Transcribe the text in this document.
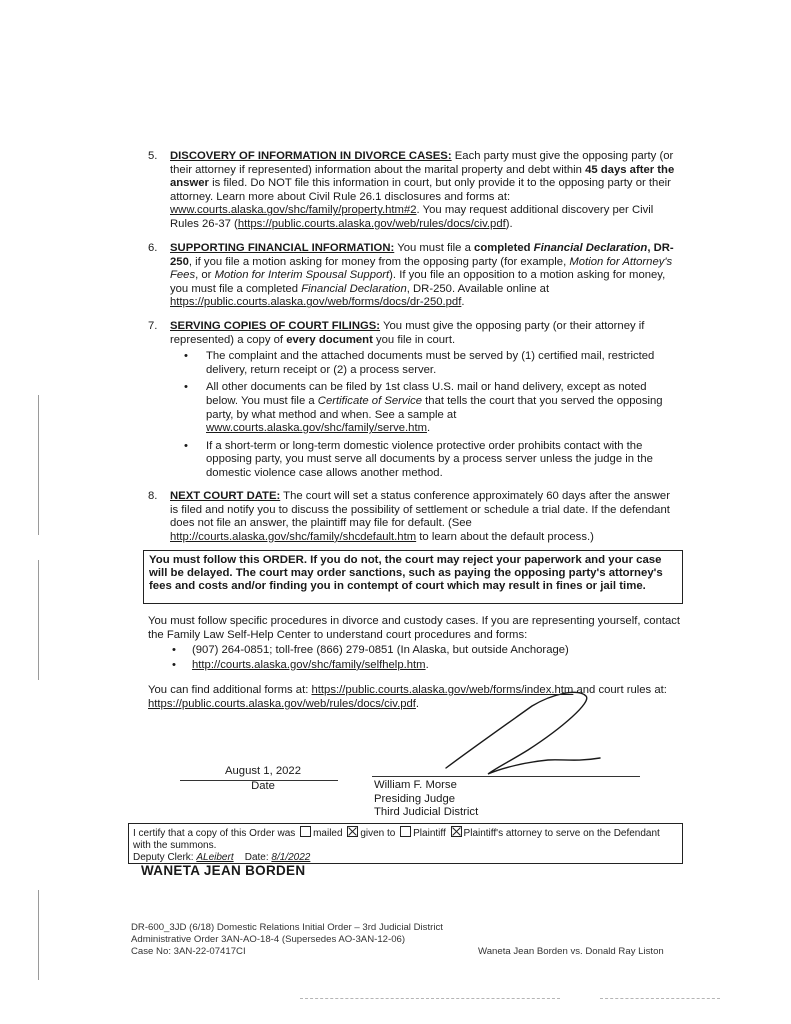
5. DISCOVERY OF INFORMATION IN DIVORCE CASES: Each party must give the opposing party (or their attorney if represented) information about the marital property and debt within 45 days after the answer is filed. Do NOT file this information in court, but only provide it to the opposing party or their attorney. Learn more about Civil Rule 26.1 disclosures and forms at: www.courts.alaska.gov/shc/family/property.htm#2. You may request additional discovery per Civil Rules 26-37 (https://public.courts.alaska.gov/web/rules/docs/civ.pdf).
6. SUPPORTING FINANCIAL INFORMATION: You must file a completed Financial Declaration, DR-250, if you file a motion asking for money from the opposing party (for example, Motion for Attorney's Fees, or Motion for Interim Spousal Support). If you file an opposition to a motion asking for money, you must file a completed Financial Declaration, DR-250. Available online at https://public.courts.alaska.gov/web/forms/docs/dr-250.pdf.
7. SERVING COPIES OF COURT FILINGS: You must give the opposing party (or their attorney if represented) a copy of every document you file in court.
• The complaint and the attached documents must be served by (1) certified mail, restricted delivery, return receipt or (2) a process server.
• All other documents can be filed by 1st class U.S. mail or hand delivery, except as noted below. You must file a Certificate of Service that tells the court that you served the opposing party, by what method and when. See a sample at www.courts.alaska.gov/shc/family/serve.htm.
• If a short-term or long-term domestic violence protective order prohibits contact with the opposing party, you must serve all documents by a process server unless the judge in the domestic violence case allows another method.
8. NEXT COURT DATE: The court will set a status conference approximately 60 days after the answer is filed and notify you to discuss the possibility of settlement or schedule a trial date. If the defendant does not file an answer, the plaintiff may file for default. (See http://courts.alaska.gov/shc/family/shcdefault.htm to learn about the default process.)
You must follow this ORDER. If you do not, the court may reject your paperwork and your case will be delayed. The court may order sanctions, such as paying the opposing party's attorney's fees and costs and/or finding you in contempt of court which may result in fines or jail time.
You must follow specific procedures in divorce and custody cases. If you are representing yourself, contact the Family Law Self-Help Center to understand court procedures and forms:
• (907) 264-0851; toll-free (866) 279-0851 (In Alaska, but outside Anchorage)
• http://courts.alaska.gov/shc/family/selfhelp.htm.
You can find additional forms at: https://public.courts.alaska.gov/web/forms/index.htm and court rules at: https://public.courts.alaska.gov/web/rules/docs/civ.pdf.
August 1, 2022
Date	William F. Morse
Presiding Judge
Third Judicial District
I certify that a copy of this Order was mailed given to Plaintiff Plaintiff's attorney to serve on the Defendant with the summons.
Deputy Clerk: ALeibert Date: 8/1/2022
WANETA JEAN BORDEN
DR-600_3JD (6/18) Domestic Relations Initial Order – 3rd Judicial District
Administrative Order 3AN-AO-18-4 (Supersedes AO-3AN-12-06)
Case No: 3AN-22-07417CI	Waneta Jean Borden vs. Donald Ray Liston
